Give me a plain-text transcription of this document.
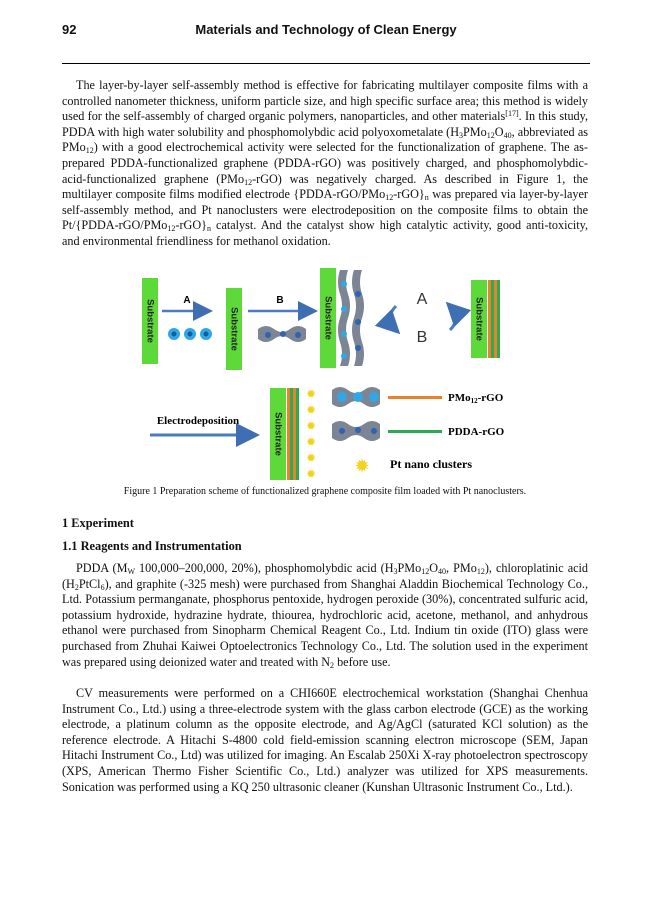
92	Materials and Technology of Clean Energy

The layer-by-layer self-assembly method is effective for fabricating multilayer composite films with a controlled nanometer thickness, uniform particle size, and high specific surface area; this method is widely used for the self-assembly of charged organic polymers, nanoparticles, and other materials[17]. In this study, PDDA with high water solubility and phosphomolybdic acid polyoxometalate ($H_3PMo_{12}O_{40}$, abbreviated as PMo$_{12}$) with a good electrochemical activity were selected for the functionalization of graphene. The as-prepared PDDA-functionalized graphene (PDDA-rGO) was positively charged, and phosphomolybdic-acid-functionalized graphene (PMo$_{12}$-rGO) was negatively charged. As described in Figure 1, the multilayer composite films modified electrode $\{PDDA-rGO/PMo_{12}-rGO\}_n$ was prepared via layer-by-layer self-assembly method, and Pt nanoclusters were electrodeposition on the composite films to obtain the $Pt/\{PDDA-rGO/PMo_{12}-rGO\}_n$ catalyst. And the catalyst show high catalytic activity, good anti-toxicity, and environmental friendliness for methanol oxidation.

Substrate	A
Substrate
B	Substrate	A
B	Substrate
Electrodeposition	Substrate
✹
✹
✹
✹
✹
✹ ✹
PMo12-rGO
PDDA-rGO
Pt nano clusters
Figure 1 Preparation scheme of functionalized graphene composite film loaded with Pt nanoclusters.
1 Experiment
1.1 Reagents and Instrumentation

PDDA ($M_W$ 100,000–200,000, 20%), phosphomolybdic acid ($H_3PMo_{12}O_{40}$, PMo$_{12}$), chloroplatinic acid $(H_2PtCl_6)$, and graphite (-325 mesh) were purchased from Shanghai Aladdin Biochemical Technology Co., Ltd. Potassium permanganate, phosphorus pentoxide, hydrogen peroxide (30%), concentrated sulfuric acid, potassium hydroxide, hydrazine hydrate, thiourea, hydrochloric acid, acetone, methanol, and anhydrous ethanol were purchased from Sinopharm Chemical Reagent Co., Ltd. Indium tin oxide (ITO) glass were purchased from Zhuhai Kaiwei Optoelectronics Technology Co., Ltd. The solution used in the experiment was prepared using deionized water and treated with $N_2$ before use.

CV measurements were performed on a CHI660E electrochemical workstation (Shanghai Chenhua Instrument Co., Ltd.) using a three-electrode system with the glass carbon electrode (GCE) as the working electrode, a platinum column as the opposite electrode, and Ag/AgCl (saturated KCl solution) as the reference electrode. A Hitachi S-4800 cold field-emission scanning electron microscope (SEM, Japan Hitachi Instrument Co., Ltd) was utilized for imaging. An Escalab 250Xi X-ray photoelectron spectroscopy (XPS, American Thermo Fisher Scientific Co., Ltd.) analyzer was utilized for XPS measurements. Sonication was performed using a KQ 250 ultrasonic cleaner (Kunshan Ultrasonic Instrument Co., Ltd.).
